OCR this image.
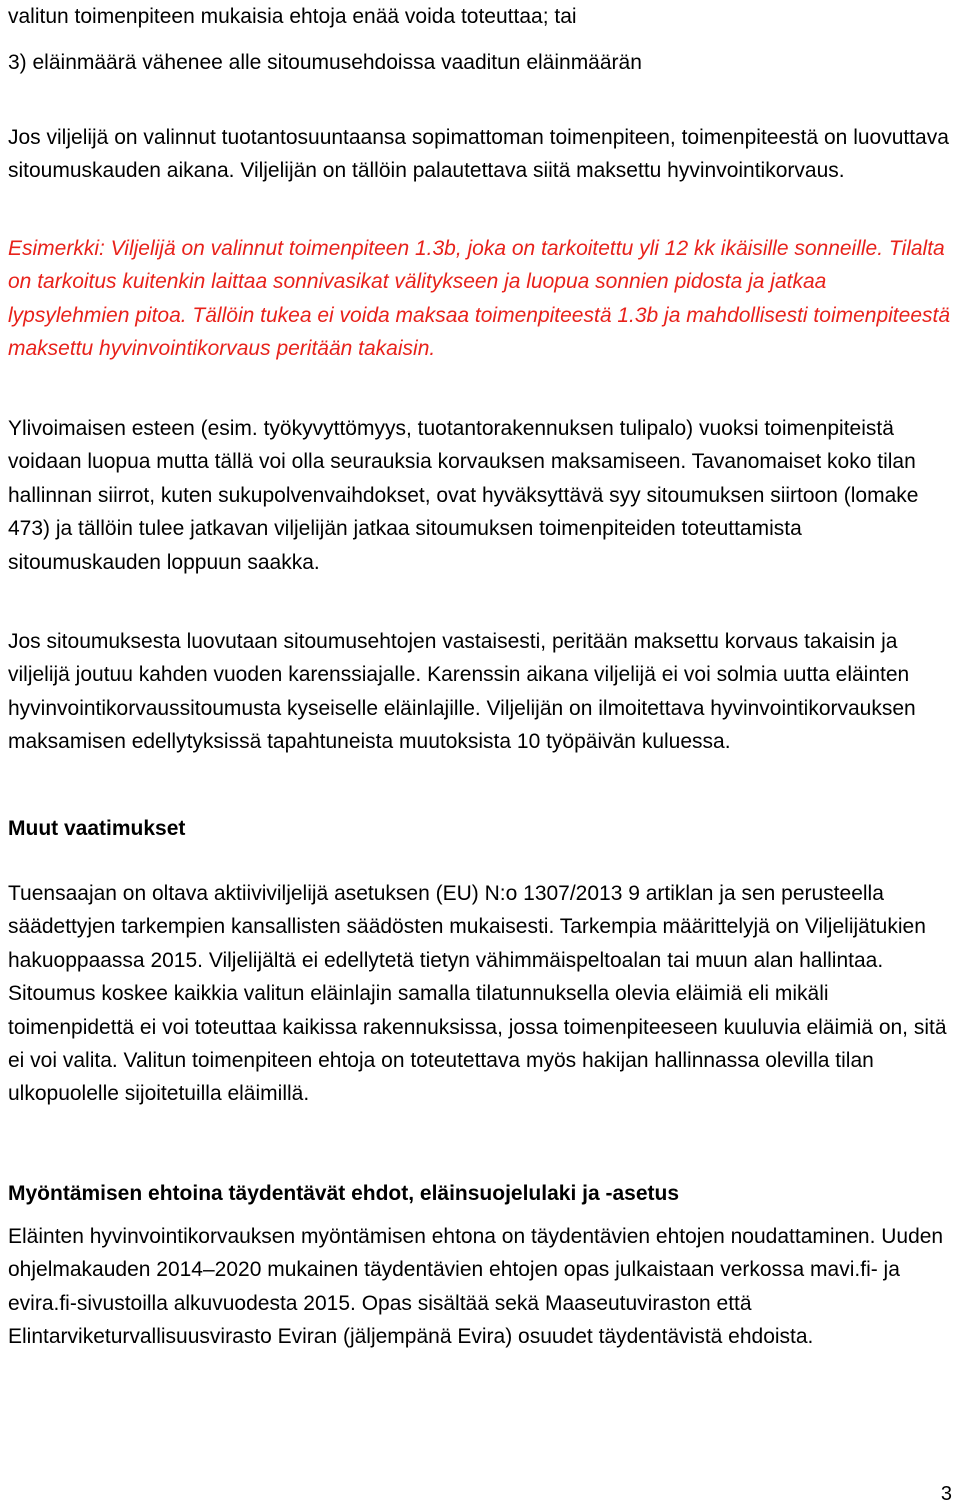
valitun toimenpiteen mukaisia ehtoja enää voida toteuttaa; tai

3) eläinmäärä vähenee alle sitoumusehdoissa vaaditun eläinmäärän

Jos viljelijä on valinnut tuotantosuuntaansa sopimattoman toimenpiteen, toimenpiteestä on luovuttava sitoumuskauden aikana. Viljelijän on tällöin palautettava siitä maksettu hyvinvointikorvaus.

Esimerkki: Viljelijä on valinnut toimenpiteen 1.3b, joka on tarkoitettu yli 12 kk ikäisille sonneille. Tilalta on tarkoitus kuitenkin laittaa sonnivasikat välitykseen ja luopua sonnien pidosta ja jatkaa lypsylehmien pitoa. Tällöin tukea ei voida maksaa toimenpiteestä 1.3b ja mahdollisesti toimenpiteestä maksettu hyvinvointikorvaus peritään takaisin.

Ylivoimaisen esteen (esim. työkyvyttömyys, tuotantorakennuksen tulipalo) vuoksi toimenpiteistä voidaan luopua mutta tällä voi olla seurauksia korvauksen maksamiseen. Tavanomaiset koko tilan hallinnan siirrot, kuten sukupolvenvaihdokset, ovat hyväksyttävä syy sitoumuksen siirtoon (lomake 473) ja tällöin tulee jatkavan viljelijän jatkaa sitoumuksen toimenpiteiden toteuttamista sitoumuskauden loppuun saakka.

Jos sitoumuksesta luovutaan sitoumusehtojen vastaisesti, peritään maksettu korvaus takaisin ja viljelijä joutuu kahden vuoden karenssiajalle. Karenssin aikana viljelijä ei voi solmia uutta eläinten hyvinvointikorvaussitoumusta kyseiselle eläinlajille. Viljelijän on ilmoitettava hyvinvointikorvauksen maksamisen edellytyksissä tapahtuneista muutoksista 10 työpäivän kuluessa.

Muut vaatimukset

Tuensaajan on oltava aktiiviviljelijä asetuksen (EU) N:o 1307/2013 9 artiklan ja sen perusteella säädettyjen tarkempien kansallisten säädösten mukaisesti. Tarkempia määrittelyjä on Viljelijätukien hakuoppaassa 2015. Viljelijältä ei edellytetä tietyn vähimmäispeltoalan tai muun alan hallintaa. Sitoumus koskee kaikkia valitun eläinlajin samalla tilatunnuksella olevia eläimiä eli mikäli toimenpidettä ei voi toteuttaa kaikissa rakennuksissa, jossa toimenpiteeseen kuuluvia eläimiä on, sitä ei voi valita. Valitun toimenpiteen ehtoja on toteutettava myös hakijan hallinnassa olevilla tilan ulkopuolelle sijoitetuilla eläimillä.

Myöntämisen ehtoina täydentävät ehdot, eläinsuojelulaki ja -asetus

Eläinten hyvinvointikorvauksen myöntämisen ehtona on täydentävien ehtojen noudattaminen. Uuden ohjelmakauden 2014–2020 mukainen täydentävien ehtojen opas julkaistaan verkossa mavi.fi- ja evira.fi-sivustoilla alkuvuodesta 2015. Opas sisältää sekä Maaseutuviraston että Elintarviketurvallisuusvirasto Eviran (jäljempänä Evira) osuudet täydentävistä ehdoista.

3
